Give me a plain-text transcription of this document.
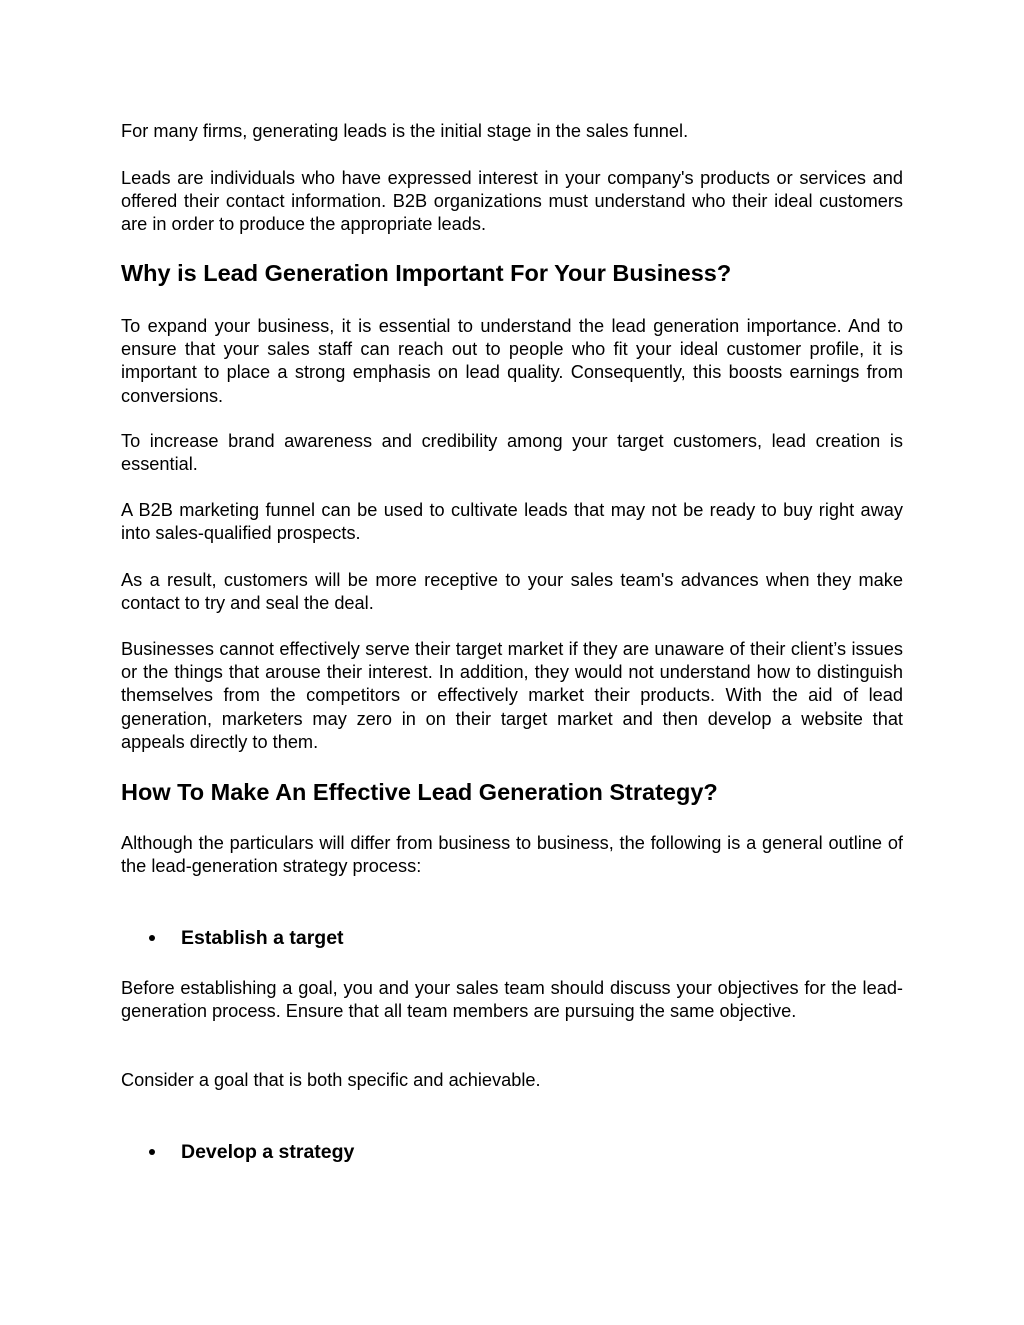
For many firms, generating leads is the initial stage in the sales funnel.

Leads are individuals who have expressed interest in your company's products or services and offered their contact information. B2B organizations must understand who their ideal customers are in order to produce the appropriate leads.

Why is Lead Generation Important For Your Business?

To expand your business, it is essential to understand the lead generation importance. And to ensure that your sales staff can reach out to people who fit your ideal customer profile, it is important to place a strong emphasis on lead quality. Consequently, this boosts earnings from conversions.

To increase brand awareness and credibility among your target customers, lead creation is essential.

A B2B marketing funnel can be used to cultivate leads that may not be ready to buy right away into sales-qualified prospects.

As a result, customers will be more receptive to your sales team's advances when they make contact to try and seal the deal.

Businesses cannot effectively serve their target market if they are unaware of their client’s issues or the things that arouse their interest. In addition, they would not understand how to distinguish themselves from the competitors or effectively market their products. With the aid of lead generation, marketers may zero in on their target market and then develop a website that appeals directly to them.

How To Make An Effective Lead Generation Strategy?

Although the particulars will differ from business to business, the following is a general outline of the lead-generation strategy process:

Establish a target

Before establishing a goal, you and your sales team should discuss your objectives for the lead-generation process. Ensure that all team members are pursuing the same objective.

Consider a goal that is both specific and achievable.

Develop a strategy
